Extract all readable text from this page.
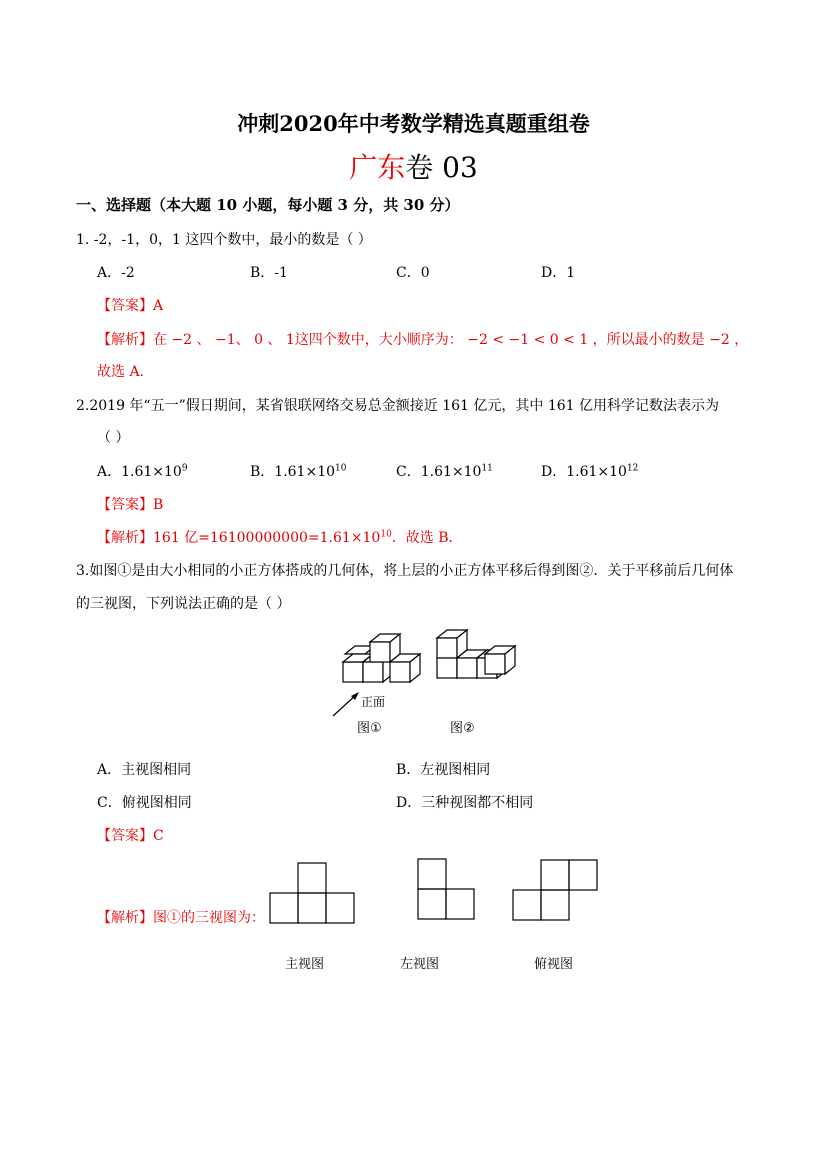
冲刺2020年中考数学精选真题重组卷
广东卷 03
一、选择题（本大题 10 小题，每小题 3 分，共 30 分）
1. -2，-1，0，1 这四个数中，最小的数是（ ）
A．-2	B．-1	C．0	D．1
【答案】A
【解析】在 −2 、 −1、 0 、 1这四个数中，大小顺序为： −2 < −1 < 0 < 1 ，所以最小的数是 −2 ，
故选 A．
2.2019 年“五一”假日期间，某省银联网络交易总金额接近 161 亿元，其中 161 亿用科学记数法表示为
（ ）
A．$1.61\times 10^9$	B．$1.61\times 10^{10}$	C．$1.61\times 10^{11}$	D．$1.61\times 10^{12}$
【答案】B
【解析】161 亿$=16100000000=1.61\times 10^{10}$．故选 B．
3.如图①是由大小相同的小正方体搭成的几何体，将上层的小正方体平移后得到图②．关于平移前后几何体
的三视图，下列说法正确的是（ ）
正面
图①	图②
A．主视图相同	B．左视图相同
C．俯视图相同	D．三种视图都不相同
【答案】C
【解析】图①的三视图为：
主视图	左视图	俯视图
